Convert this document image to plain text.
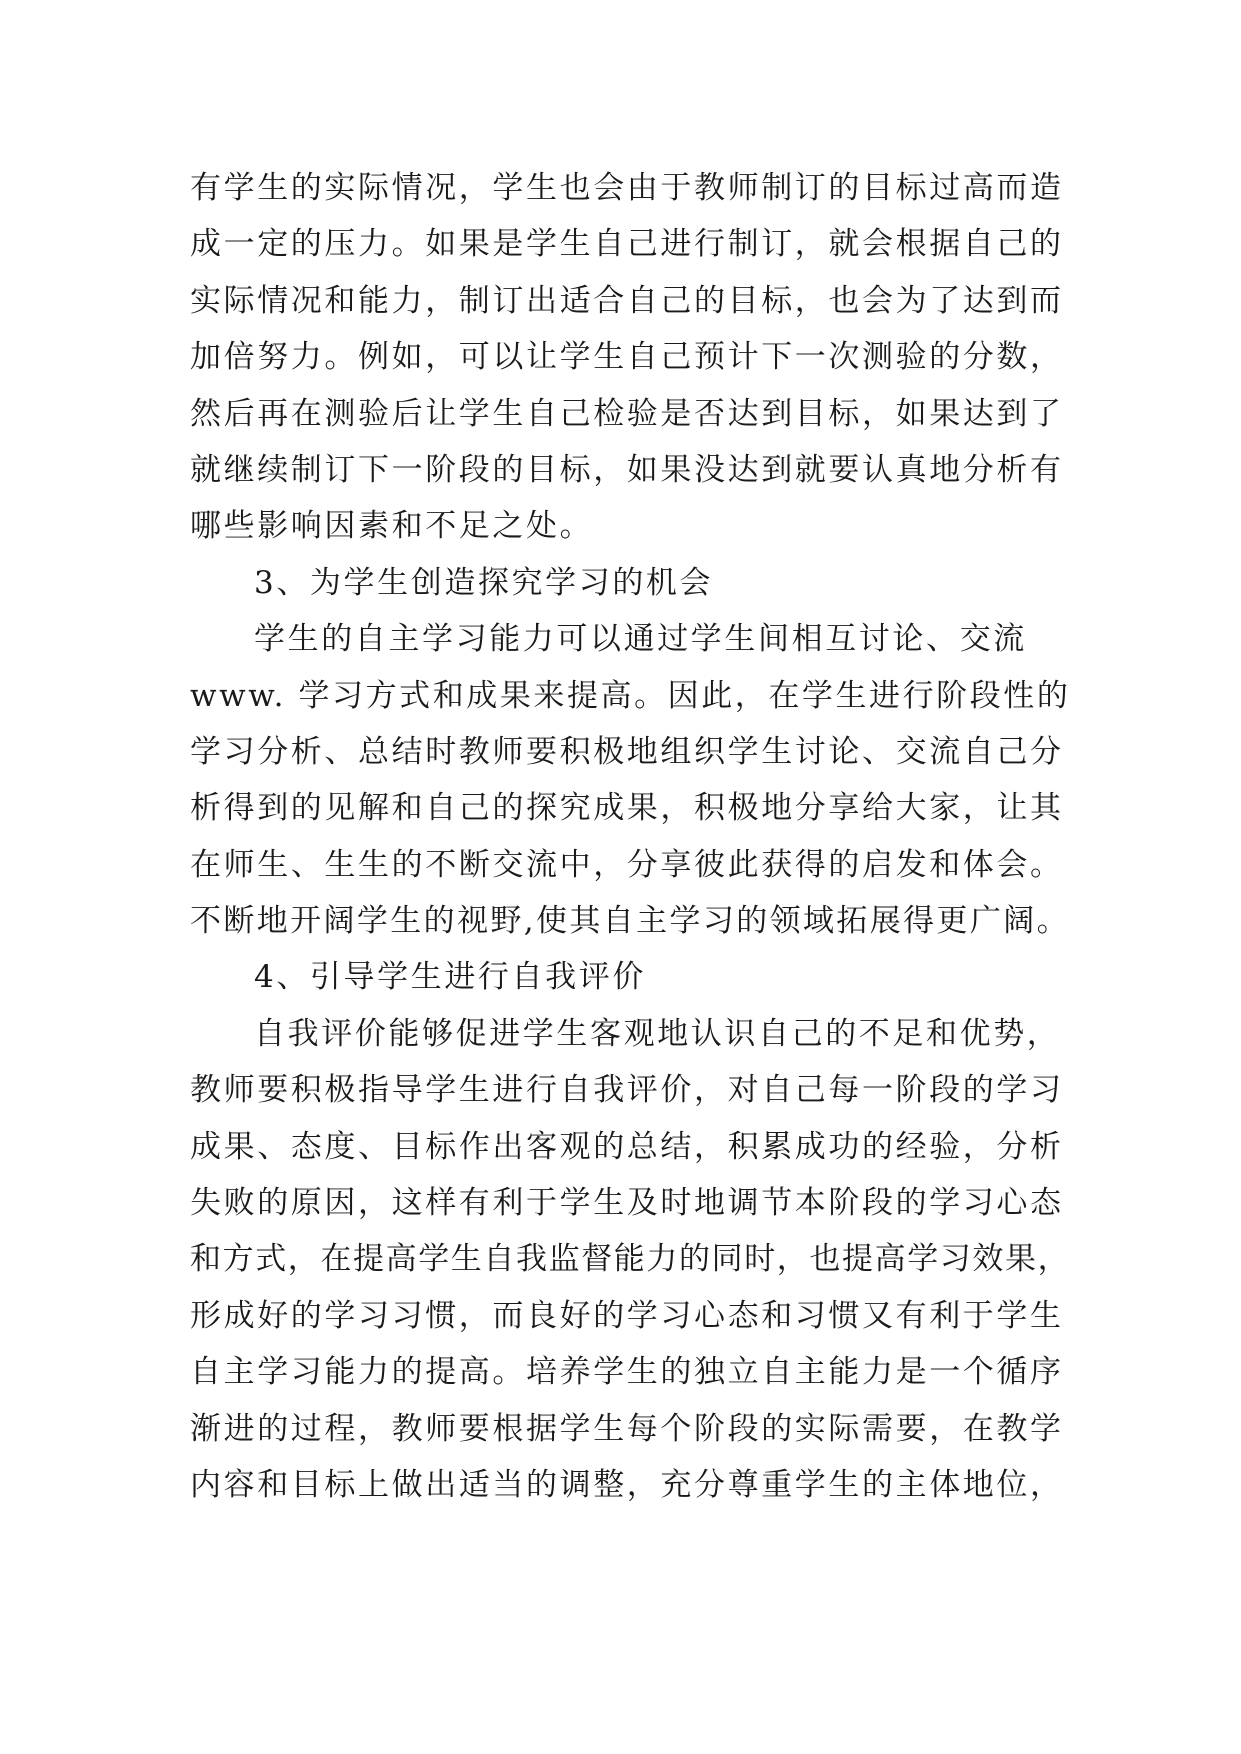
有学生的实际情况，学生也会由于教师制订的目标过高而造
成一定的压力。如果是学生自己进行制订，就会根据自己的
实际情况和能力，制订出适合自己的目标，也会为了达到而
加倍努力。例如，可以让学生自己预计下一次测验的分数，
然后再在测验后让学生自己检验是否达到目标，如果达到了
就继续制订下一阶段的目标，如果没达到就要认真地分析有
哪些影响因素和不足之处。
3、为学生创造探究学习的机会
学生的自主学习能力可以通过学生间相互讨论、交流
www. 学习方式和成果来提高。因此，在学生进行阶段性的
学习分析、总结时教师要积极地组织学生讨论、交流自己分
析得到的见解和自己的探究成果，积极地分享给大家，让其
在师生、生生的不断交流中，分享彼此获得的启发和体会。
不断地开阔学生的视野,使其自主学习的领域拓展得更广阔。
4、引导学生进行自我评价
自我评价能够促进学生客观地认识自己的不足和优势，
教师要积极指导学生进行自我评价，对自己每一阶段的学习
成果、态度、目标作出客观的总结，积累成功的经验，分析
失败的原因，这样有利于学生及时地调节本阶段的学习心态
和方式，在提高学生自我监督能力的同时，也提高学习效果，
形成好的学习习惯，而良好的学习心态和习惯又有利于学生
自主学习能力的提高。培养学生的独立自主能力是一个循序
渐进的过程，教师要根据学生每个阶段的实际需要，在教学
内容和目标上做出适当的调整，充分尊重学生的主体地位，
